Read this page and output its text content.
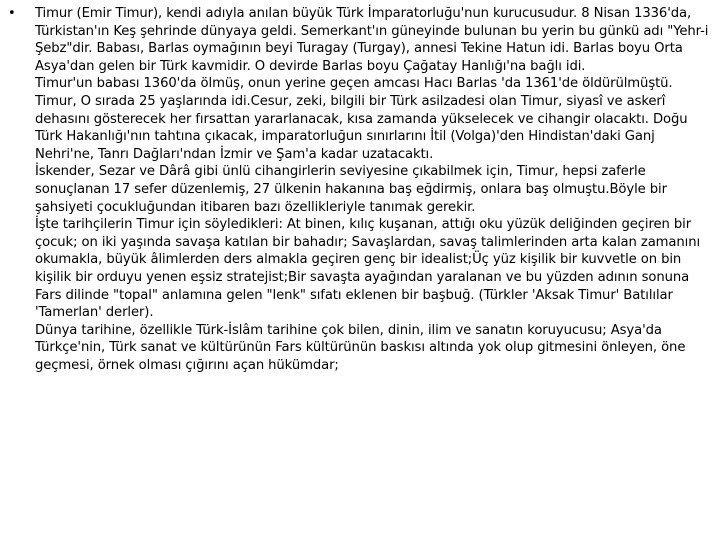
• Timur (Emir Timur), kendi adıyla anılan büyük Türk İmparatorluğu'nun kurucusudur. 8 Nisan 1336'da, Türkistan'ın Keş şehrinde dünyaya geldi. Semerkant'ın güneyinde bulunan bu yerin bu günkü adı "Yehr-i Şebz"dir. Babası, Barlas oymağının beyi Turagay (Turgay), annesi Tekine Hatun idi. Barlas boyu Orta Asya'dan gelen bir Türk kavmidir. O devirde Barlas boyu Çağatay Hanlığı'na bağlı idi.

Timur'un babası 1360'da ölmüş, onun yerine geçen amcası Hacı Barlas 'da 1361'de öldürülmüştü. Timur, O sırada 25 yaşlarında idi.Cesur, zeki, bilgili bir Türk asilzadesi olan Timur, siyasî ve askerî dehasını gösterecek her fırsattan yararlanacak, kısa zamanda yükselecek ve cihangir olacaktı. Doğu Türk Hakanlığı'nın tahtına çıkacak, imparatorluğun sınırlarını İtil (Volga)'den Hindistan'daki Ganj Nehri'ne, Tanrı Dağları'ndan İzmir ve Şam'a kadar uzatacaktı.

İskender, Sezar ve Dârâ gibi ünlü cihangirlerin seviyesine çıkabilmek için, Timur, hepsi zaferle sonuçlanan 17 sefer düzenlemiş, 27 ülkenin hakanına baş eğdirmiş, onlara baş olmuştu.Böyle bir şahsiyeti çocukluğundan itibaren bazı özellikleriyle tanımak gerekir.

İşte tarihçilerin Timur için söyledikleri: At binen, kılıç kuşanan, attığı oku yüzük deliğinden geçiren bir çocuk; on iki yaşında savaşa katılan bir bahadır; Savaşlardan, savaş talimlerinden arta kalan zamanını okumakla, büyük âlimlerden ders almakla geçiren genç bir idealist;Üç yüz kişilik bir kuvvetle on bin kişilik bir orduyu yenen eşsiz stratejist;Bir savaşta ayağından yaralanan ve bu yüzden adının sonuna Fars dilinde "topal" anlamına gelen "lenk" sıfatı eklenen bir başbuğ. (Türkler 'Aksak Timur' Batılılar 'Tamerlan' derler).

Dünya tarihine, özellikle Türk-İslâm tarihine çok bilen, dinin, ilim ve sanatın koruyucusu; Asya'da Türkçe'nin, Türk sanat ve kültürünün Fars kültürünün baskısı altında yok olup gitmesini önleyen, öne geçmesi, örnek olması çığırını açan hükümdar;
